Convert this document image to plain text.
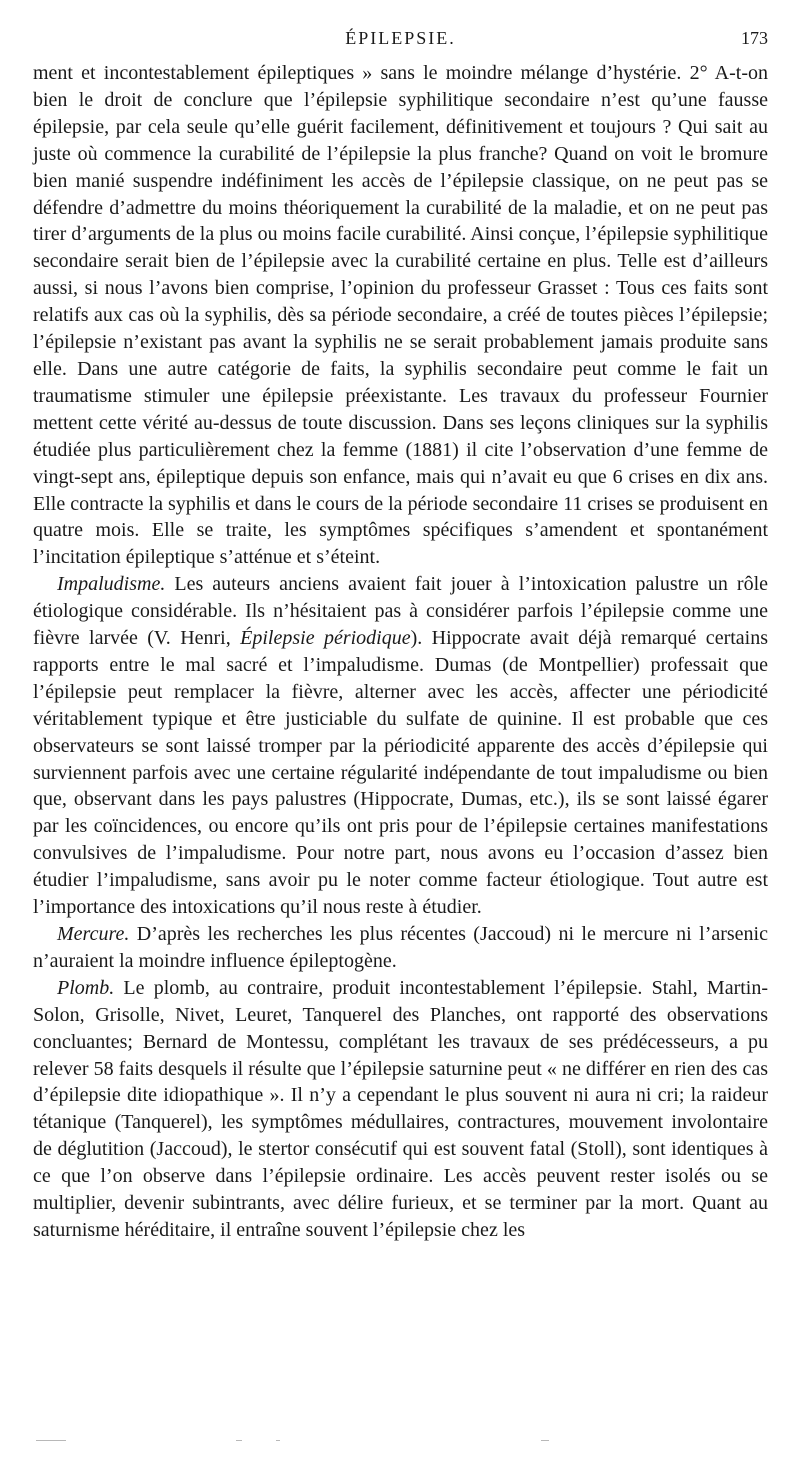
ÉPILEPSIE.	173

ment et incontestablement épileptiques » sans le moindre mélange d’hystérie. 2° A-t-on bien le droit de conclure que l’épilepsie syphilitique secondaire n’est qu’une fausse épilepsie, par cela seule qu’elle guérit facilement, définitivement et toujours ? Qui sait au juste où commence la curabilité de l’épilepsie la plus franche? Quand on voit le bromure bien manié suspendre indéfiniment les accès de l’épilepsie classique, on ne peut pas se défendre d’admettre du moins théoriquement la curabilité de la maladie, et on ne peut pas tirer d’arguments de la plus ou moins facile curabilité. Ainsi conçue, l’épilepsie syphilitique secondaire serait bien de l’épilepsie avec la curabilité certaine en plus. Telle est d’ailleurs aussi, si nous l’avons bien comprise, l’opinion du professeur Grasset : Tous ces faits sont relatifs aux cas où la syphilis, dès sa période secondaire, a créé de toutes pièces l’épilepsie; l’épilepsie n’existant pas avant la syphilis ne se serait probablement jamais produite sans elle. Dans une autre catégorie de faits, la syphilis secondaire peut comme le fait un traumatisme stimuler une épilepsie préexistante. Les travaux du professeur Fournier mettent cette vérité au-dessus de toute discussion. Dans ses leçons cliniques sur la syphilis étudiée plus particulièrement chez la femme (1881) il cite l’observation d’une femme de vingt-sept ans, épileptique depuis son enfance, mais qui n’avait eu que 6 crises en dix ans. Elle contracte la syphilis et dans le cours de la période secondaire 11 crises se produisent en quatre mois. Elle se traite, les symptômes spécifiques s’amendent et spontanément l’incitation épileptique s’atténue et s’éteint.

Impaludisme. Les auteurs anciens avaient fait jouer à l’intoxication palustre un rôle étiologique considérable. Ils n’hésitaient pas à considérer parfois l’épilepsie comme une fièvre larvée (V. Henri, Épilepsie périodique). Hippocrate avait déjà remarqué certains rapports entre le mal sacré et l’impaludisme. Dumas (de Montpellier) professait que l’épilepsie peut remplacer la fièvre, alterner avec les accès, affecter une périodicité véritablement typique et être justiciable du sulfate de quinine. Il est probable que ces observateurs se sont laissé tromper par la périodicité apparente des accès d’épilepsie qui surviennent parfois avec une certaine régularité indépendante de tout impaludisme ou bien que, observant dans les pays palustres (Hippocrate, Dumas, etc.), ils se sont laissé égarer par les coïncidences, ou encore qu’ils ont pris pour de l’épilepsie certaines manifestations convulsives de l’impaludisme. Pour notre part, nous avons eu l’occasion d’assez bien étudier l’impaludisme, sans avoir pu le noter comme facteur étiologique. Tout autre est l’importance des intoxications qu’il nous reste à étudier.

Mercure. D’après les recherches les plus récentes (Jaccoud) ni le mercure ni l’arsenic n’auraient la moindre influence épileptogène.

Plomb. Le plomb, au contraire, produit incontestablement l’épilepsie. Stahl, Martin-Solon, Grisolle, Nivet, Leuret, Tanquerel des Planches, ont rapporté des observations concluantes; Bernard de Montessu, complétant les travaux de ses prédécesseurs, a pu relever 58 faits desquels il résulte que l’épilepsie saturnine peut « ne différer en rien des cas d’épilepsie dite idiopathique ». Il n’y a cependant le plus souvent ni aura ni cri; la raideur tétanique (Tanquerel), les symptômes médullaires, contractures, mouvement involontaire de déglutition (Jaccoud), le stertor consécutif qui est souvent fatal (Stoll), sont identiques à ce que l’on observe dans l’épilepsie ordinaire. Les accès peuvent rester isolés ou se multiplier, devenir subintrants, avec délire furieux, et se terminer par la mort. Quant au saturnisme héréditaire, il entraîne souvent l’épilepsie chez les
